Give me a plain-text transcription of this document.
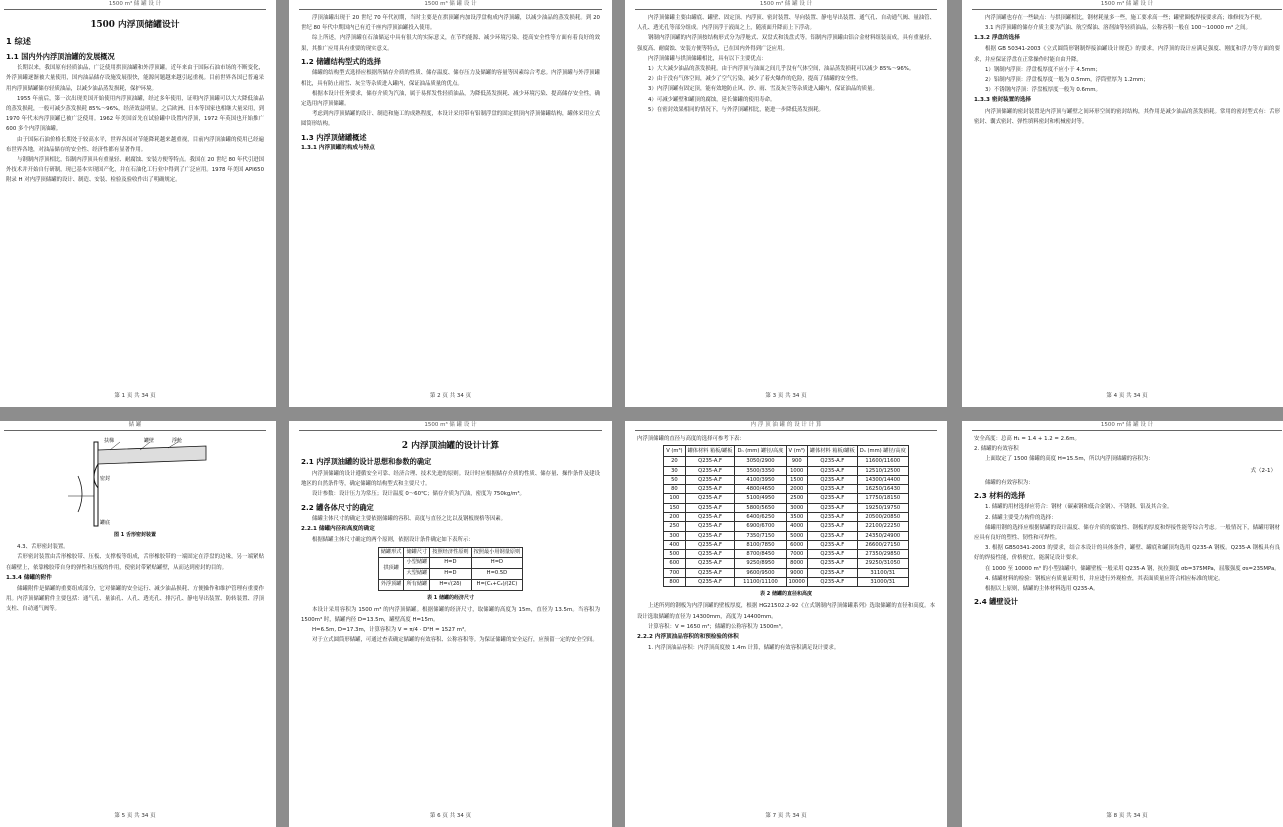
1500 m³ 储 罐 设 计
1500 内浮顶储罐设计
1 综述
1.1 国内外内浮顶油罐的发展概况
长期以来，我国原有轻质油品，广泛使用拱顶油罐和外浮顶罐。近年来由于国际石油市场的不断变化，外浮顶罐逐渐被大量使用，国内油品储存设施发展很快，能源问题越来越引起重视。目前世界各国已普遍采用内浮顶储罐储存轻质油品，以减少油品蒸发损耗，保护环境。
1955 年前后，第一次出现美国开始使用内浮顶油罐，经过多年使用，证明内浮顶罐可以大大降低油品的蒸发损耗，一般可减少蒸发损耗 85%～96%，经济效益明显。之后欧洲、日本等国家也相继大量采用，到 1970 年代末内浮顶罐已被广泛使用。1962 年美国首先在试验罐中设置内浮顶，1972 年英国也开始推广 600 多个内浮顶油罐。
由于国际石油价格长期处于较高水平，世界各国对节能降耗越来越重视，目前内浮顶油罐的使用已经遍布世界各地，对油品储存的安全性、经济性都有显著作用。
与钢制内浮顶相比，铝制内浮顶具有重量轻、耐腐蚀、安装方便等特点。我国在 20 世纪 80 年代引进国外技术并开始自行研制，现已基本实现国产化，并在石油化工行业中得到了广泛应用。1978 年美国 API650 附录 H 对内浮顶储罐的设计、制造、安装、检验及验收作出了明确规定。
第 1 页 共 34 页
1500 m³ 储 罐 设 计
浮顶油罐出现于 20 世纪 70 年代初期，当时主要是在拱顶罐内加设浮盘构成内浮顶罐，以减少油品的蒸发损耗。到 20 世纪 80 年代中期国内已有近千座内浮顶油罐投入使用。
综上所述，内浮顶罐在石油储运中具有很大的实际意义，在节约能源、减少环境污染、提高安全性等方面有着良好的效果，其推广应用具有重要的现实意义。
1.2 储罐结构型式的选择
储罐的结构型式选择应根据所储存介质的性质、储存温度、储存压力及储罐的容量等因素综合考虑。内浮顶罐与外浮顶罐相比，具有防止雨雪、灰尘等杂质进入罐内，保证油品质量的优点。
根据本设计任务要求，储存介质为汽油，属于易挥发性轻质油品，为降低蒸发损耗、减少环境污染、提高储存安全性，确定选用内浮顶储罐。
考虑到内浮顶储罐的设计、制造和施工的成熟程度，本设计采用带有铝制浮盘的固定拱顶内浮顶储罐结构，罐体采用立式圆筒形结构。
1.3 内浮顶储罐概述
1.3.1 内浮顶罐的构成与特点
第 2 页 共 34 页
1500 m³ 储 罐 设 计
内浮顶储罐主要由罐底、罐壁、固定顶、内浮顶、密封装置、导向装置、静电导出装置、通气孔、自动通气阀、量油管、人孔、透光孔等部分组成。内浮顶浮于液面之上，随液面升降而上下浮动。
钢制内浮顶罐的内浮顶按结构形式分为浮舱式、双盘式和浅盘式等。铝制内浮顶罐由铝合金材料组装而成，具有重量轻、强度高、耐腐蚀、安装方便等特点，已在国内外得到广泛应用。
内浮顶储罐与拱顶储罐相比，具有以下主要优点：
1）大大减少油品的蒸发损耗。由于内浮顶与油面之间几乎没有气体空间，油品蒸发损耗可以减少 85%～96%。
2）由于没有气体空间，减少了空气污染，减少了着火爆炸的危险，提高了储罐的安全性。
3）内浮顶罐有固定顶，能有效地防止风、沙、雨、雪及灰尘等杂质进入罐内，保证油品的质量。
4）可减少罐壁和罐顶的腐蚀，延长储罐的使用寿命。
5）在密封效果相同的情况下，与外浮顶罐相比，能进一步降低蒸发损耗。
第 3 页 共 34 页
1500 m³ 储 罐 设 计
内浮顶罐也存在一些缺点：与拱顶罐相比，钢材耗量多一些，施工要求高一些；罐壁圈板焊接要求高；维修较为不便。
3.1 内浮顶罐的储存介质主要为汽油、航空煤油、溶剂油等轻质油品，公称容积一般在 100～10000 m³ 之间。
1.3.2 浮盘的选择
根据 GB 50341-2003《立式圆筒形钢制焊接油罐设计规范》的要求，内浮顶的设计应满足强度、刚度和浮力等方面的要求，并应保证浮盘在正常操作时能自由升降。
1）钢制内浮顶：浮盘板厚度不应小于 4.5mm；
2）铝制内浮顶：浮盘板厚度一般为 0.5mm，浮筒壁厚为 1.2mm；
3）不锈钢内浮顶：浮盘板厚度一般为 0.6mm。
1.3.3 密封装置的选择
内浮顶储罐的密封装置是内浮顶与罐壁之间环形空间的密封结构，其作用是减少油品的蒸发损耗。常用的密封型式有：舌形密封、囊式密封、弹性填料密封和机械密封等。
第 4 页 共 34 页
储 罐
扶梯	罐壁	浮舱
密封
罐底
图 1 舌形密封装置
4.3、舌形密封装置。
舌形密封装置由舌形橡胶带、压板、支撑板等组成，舌形橡胶带的一端固定在浮盘的边缘，另一端紧贴在罐壁上，依靠橡胶带自身的弹性和压板的作用，使密封带紧贴罐壁，从而达到密封的目的。
1.3.4 储罐的附件
储罐附件是储罐的重要组成部分，它对储罐的安全运行、减少油品损耗、方便操作和维护管理有重要作用。内浮顶储罐附件主要包括：通气孔、量油孔、人孔、透光孔、排污孔、静电导出装置、防转装置、浮顶支柱、自动通气阀等。
第 5 页 共 34 页
1500 m³ 储 罐 设 计
2 内浮顶油罐的设计计算
2.1 内浮顶油罐的设计思想和参数的确定
内浮顶储罐的设计遵循安全可靠、经济合理、技术先进的原则。设计时应根据储存介质的性质、储存量、操作条件及建设地区的自然条件等，确定储罐的结构型式和主要尺寸。
设计参数：设计压力为常压；设计温度 0～60℃；储存介质为汽油，密度为 750kg/m³。
2.2 罐各体尺寸的确定
储罐主体尺寸的确定主要依据储罐的容积、高度与直径之比以及钢板规格等因素。
2.2.1 储罐内径和高度的确定
根据储罐主体尺寸确定的两个原则，依据设计条件确定如下表所示：
储罐形式	储罐尺寸	按照经济性原则	按照最小用钢量原则
拱顶罐	小型储罐	H=D	H=D
	大型储罐	H=D	H=0.5D
外浮顶罐	所有储罐	H=√(2δ)	H=(C₁+C₂)/(2C)
表 1 储罐的经济尺寸
本设计采用容积为 1500 m³ 的内浮顶储罐。根据储罐的经济尺寸，取储罐的高度为 15m，直径为 13.5m。当容积为 1500m³ 时，储罐内径 D=13.5m，罐壁高度 H=15m。
H=6.5m, D=17.3m，计算容积为 V = π/4 · D²H = 1527 m³。
对于立式圆筒形储罐，可通过查表确定储罐的有效容积、公称容积等。为保证储罐的安全运行，应预留一定的安全空间。
第 6 页 共 34 页
内 浮 顶 油 罐 的 设 计 计 算
内浮顶储罐的直径与高度的选择可参考下表：
V (m³)	罐体材料 箱板/罐板	Dₙ (mm) 罐径/高度	V (m³)	罐体材料 箱板/罐板	Dₙ (mm) 罐径/高度
20	Q235-A.F	3050/2900	900	Q235-A.F	11600/11600
30	Q235-A.F	3500/3350	1000	Q235-A.F	12510/12500
50	Q235-A.F	4100/3950	1500	Q235-A.F	14300/14400
80	Q235-A.F	4800/4650	2000	Q235-A.F	16250/16430
100	Q235-A.F	5100/4950	2500	Q235-A.F	17750/18150
150	Q235-A.F	5800/5650	3000	Q235-A.F	19250/19750
200	Q235-A.F	6400/6250	3500	Q235-A.F	20500/20850
250	Q235-A.F	6900/6700	4000	Q235-A.F	22100/22250
300	Q235-A.F	7350/7150	5000	Q235-A.F	24350/24900
400	Q235-A.F	8100/7850	6000	Q235-A.F	26600/27150
500	Q235-A.F	8700/8450	7000	Q235-A.F	27350/29850
600	Q235-A.F	9250/8950	8000	Q235-A.F	29250/31050
700	Q235-A.F	9600/9500	9000	Q235-A.F	31100/31
800	Q235-A.F	11100/11100	10000	Q235-A.F	31000/31
表 2 储罐的直径和高度
上述所列的钢板为内浮顶罐的壁板厚度，根据 HG21502.2-92《立式钢制内浮顶储罐系列》选取储罐的直径和高度。本设计选取储罐的直径为 14300mm，高度为 14400mm。
计算容积：V = 1650 m³；储罐的公称容积为 1500m³。
2.2.2 内浮顶油品容积的和预检验的体积
1. 内浮顶油品容积：内浮顶高度按 1.4m 计算，储罐的有效容积满足设计要求。
第 7 页 共 34 页
1500 m³ 储 罐 设 计
安全高度：总高 H₁ = 1.4 + 1.2 = 2.6m。
2. 储罐的有效容积
上面取定了 1500 储罐的高度 H=15.5m，所以内浮顶储罐的容积为：
式（2-1）
储罐的有效容积为：
2.3 材料的选择
1. 储罐的用材选择应符合：钢材（碳素钢和低合金钢）、不锈钢、铝及其合金。
2. 储罐主要受力构件的选择：
储罐用钢的选择应根据储罐的设计温度、储存介质的腐蚀性、钢板的厚度和焊接性能等综合考虑。一般情况下，储罐用钢材应具有良好的塑性、韧性和可焊性。
3. 根据 GB50341-2003 的要求，结合本设计的具体条件，罐壁、罐底和罐顶均选用 Q235-A 钢板。Q235-A 钢板具有良好的焊接性能，价格便宜，能满足设计要求。
在 1000 至 10000 m³ 的小型油罐中，储罐壁板一般采用 Q235-A 钢，抗拉强度 σb=375MPa，屈服强度 σs=235MPa。
4. 储罐材料的检验：钢板应有质量证明书，并应进行外观检查，其表面质量应符合相应标准的规定。
根据以上原则，储罐的主体材料选用 Q235-A。
2.4 罐壁设计
第 8 页 共 34 页
